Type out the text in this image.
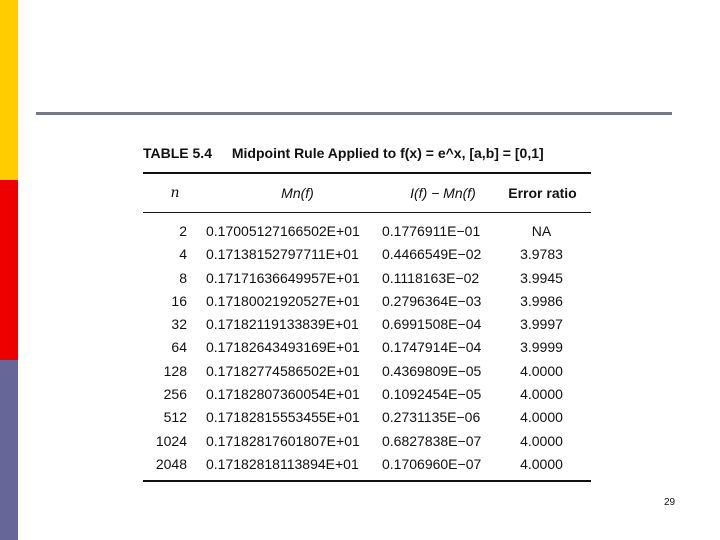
TABLE 5.4 Midpoint Rule Applied to f(x) = e^x, [a,b] = [0,1]
n	Mn(f)	I(f) − Mn(f)	Error ratio
2 0.17005127166502E+01 0.1776911E−01	NA
4 0.17138152797711E+01 0.4466549E−02	3.9783
8 0.17171636649957E+01 0.1118163E−02	3.9945
16 0.17180021920527E+01 0.2796364E−03	3.9986
32 0.17182119133839E+01 0.6991508E−04	3.9997
64 0.17182643493169E+01 0.1747914E−04	3.9999
128 0.17182774586502E+01 0.4369809E−05	4.0000
256 0.17182807360054E+01 0.1092454E−05	4.0000
512 0.17182815553455E+01 0.2731135E−06	4.0000
1024 0.17182817601807E+01 0.6827838E−07	4.0000
2048 0.17182818113894E+01 0.1706960E−07	4.0000
29
